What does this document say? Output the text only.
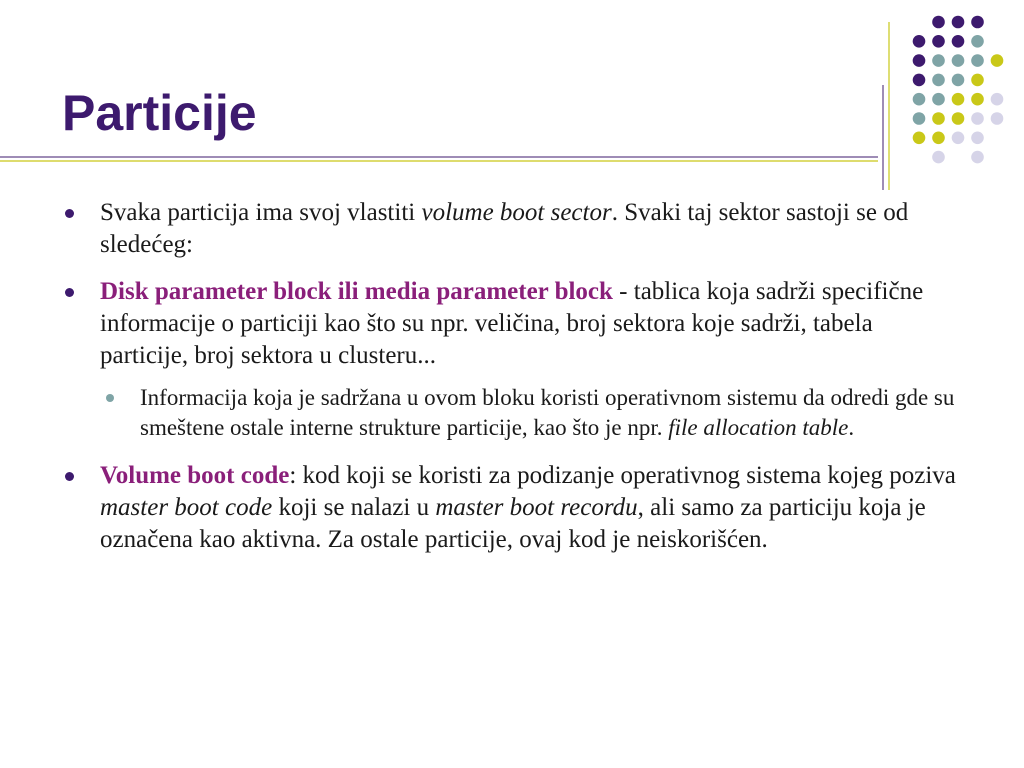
Particije
Svaka particija ima svoj vlastiti volume boot sector. Svaki taj sektor sastoji se od sledećeg:
Disk parameter block ili media parameter block - tablica koja sadrži specifične informacije o particiji kao što su npr. veličina, broj sektora koje sadrži, tabela particije, broj sektora u clusteru...
Informacija koja je sadržana u ovom bloku koristi operativnom sistemu da odredi gde su smeštene ostale interne strukture particije, kao što je npr. file allocation table.
Volume boot code: kod koji se koristi za podizanje operativnog sistema kojeg poziva master boot code koji se nalazi u master boot recordu, ali samo za particiju koja je označena kao aktivna. Za ostale particije, ovaj kod je neiskorišćen.
